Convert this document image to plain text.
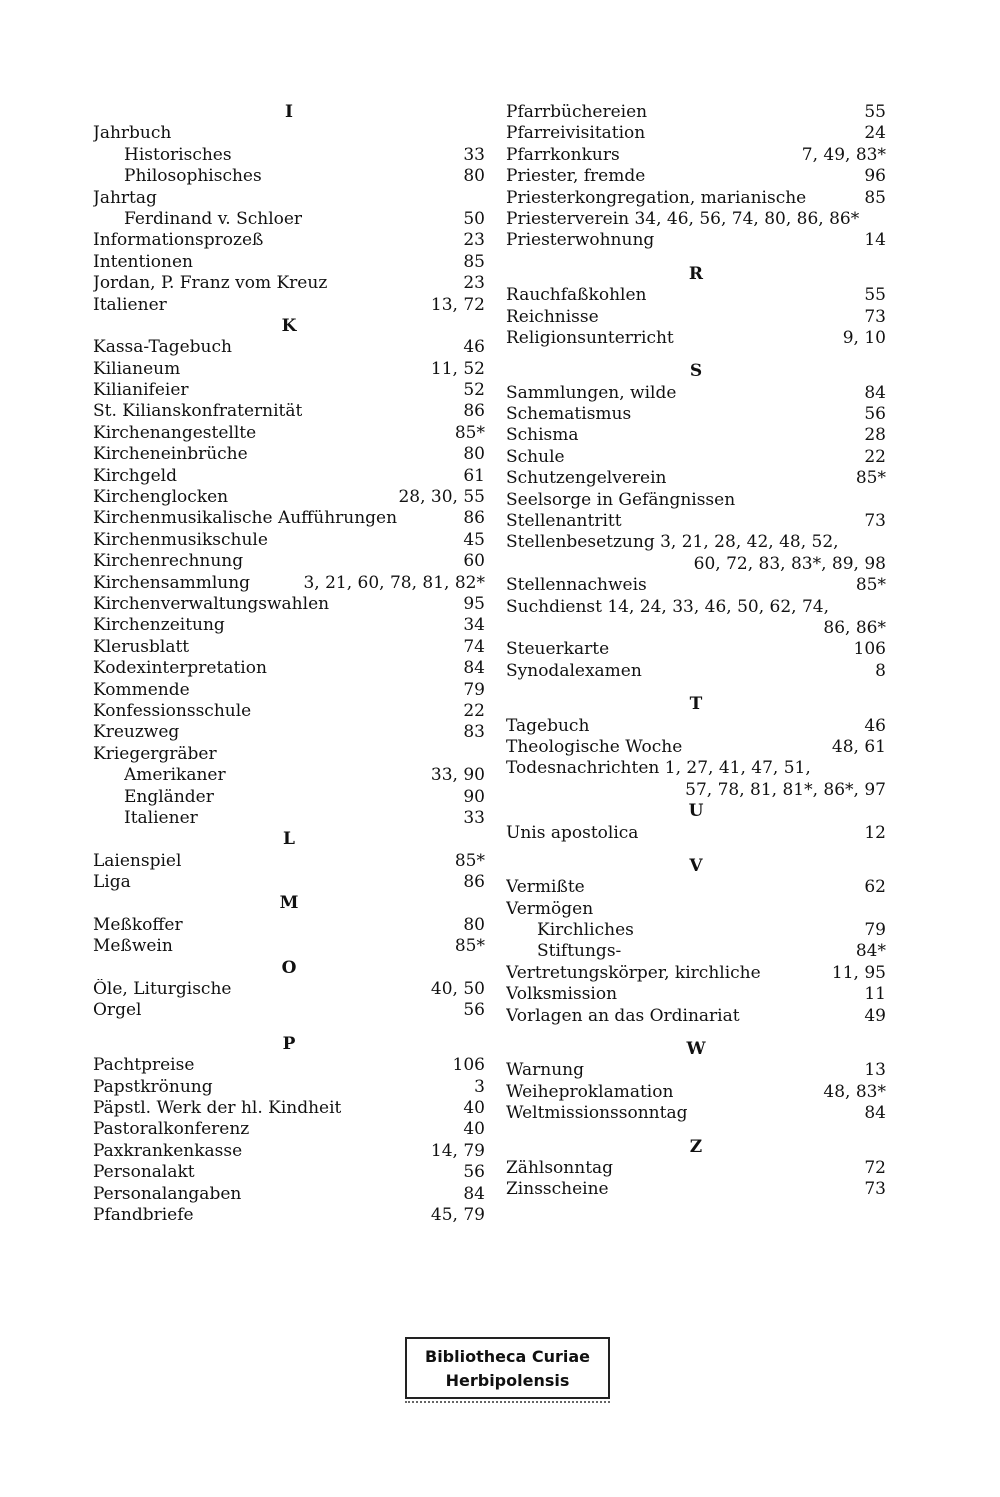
I
Jahrbuch
Historisches	33
Philosophisches	80
Jahrtag
Ferdinand v. Schloer	50
Informationsprozeß	23
Intentionen	85
Jordan, P. Franz vom Kreuz	23
Italiener	13, 72
K
Kassa-Tagebuch	46
Kilianeum	11, 52
Kilianifeier	52
St. Kilianskonfraternität	86
Kirchenangestellte	85*
Kircheneinbrüche	80
Kirchgeld	61
Kirchenglocken	28, 30, 55
Kirchenmusikalische Aufführungen	86
Kirchenmusikschule	45
Kirchenrechnung	60
Kirchensammlung	3, 21, 60, 78, 81, 82*
Kirchenverwaltungswahlen	95
Kirchenzeitung	34
Klerusblatt	74
Kodexinterpretation	84
Kommende	79
Konfessionsschule	22
Kreuzweg	83
Kriegergräber
Amerikaner	33, 90
Engländer	90
Italiener	33
L
Laienspiel	85*
Liga	86
M
Meßkoffer	80
Meßwein	85*
O
Öle, Liturgische	40, 50
Orgel	56
P
Pachtpreise	106
Papstkrönung	3
Päpstl. Werk der hl. Kindheit	40
Pastoralkonferenz	40
Paxkrankenkasse	14, 79
Personalakt	56
Personalangaben	84
Pfandbriefe	45, 79
Pfarrbüchereien	55
Pfarreivisitation	24
Pfarrkonkurs	7, 49, 83*
Priester, fremde	96
Priesterkongregation, marianische	85
Priesterverein 34, 46, 56, 74, 80, 86, 86*
Priesterwohnung	14
R
Rauchfaßkohlen	55
Reichnisse	73
Religionsunterricht	9, 10
S
Sammlungen, wilde	84
Schematismus	56
Schisma	28
Schule	22
Schutzengelverein	85*
Seelsorge in Gefängnissen
Stellenantritt	73
Stellenbesetzung 3, 21, 28, 42, 48, 52,
60, 72, 83, 83*, 89, 98
Stellennachweis	85*
Suchdienst 14, 24, 33, 46, 50, 62, 74,
86, 86*
Steuerkarte	106
Synodalexamen	8
T
Tagebuch	46
Theologische Woche	48, 61
Todesnachrichten 1, 27, 41, 47, 51,
57, 78, 81, 81*, 86*, 97
U
Unis apostolica	12
V
Vermißte	62
Vermögen
Kirchliches	79
Stiftungs-	84*
Vertretungskörper, kirchliche	11, 95
Volksmission	11
Vorlagen an das Ordinariat	49
W
Warnung	13
Weiheproklamation	48, 83*
Weltmissionssonntag	84
Z
Zählsonntag	72
Zinsscheine	73
Bibliotheca Curiae
Herbipolensis
